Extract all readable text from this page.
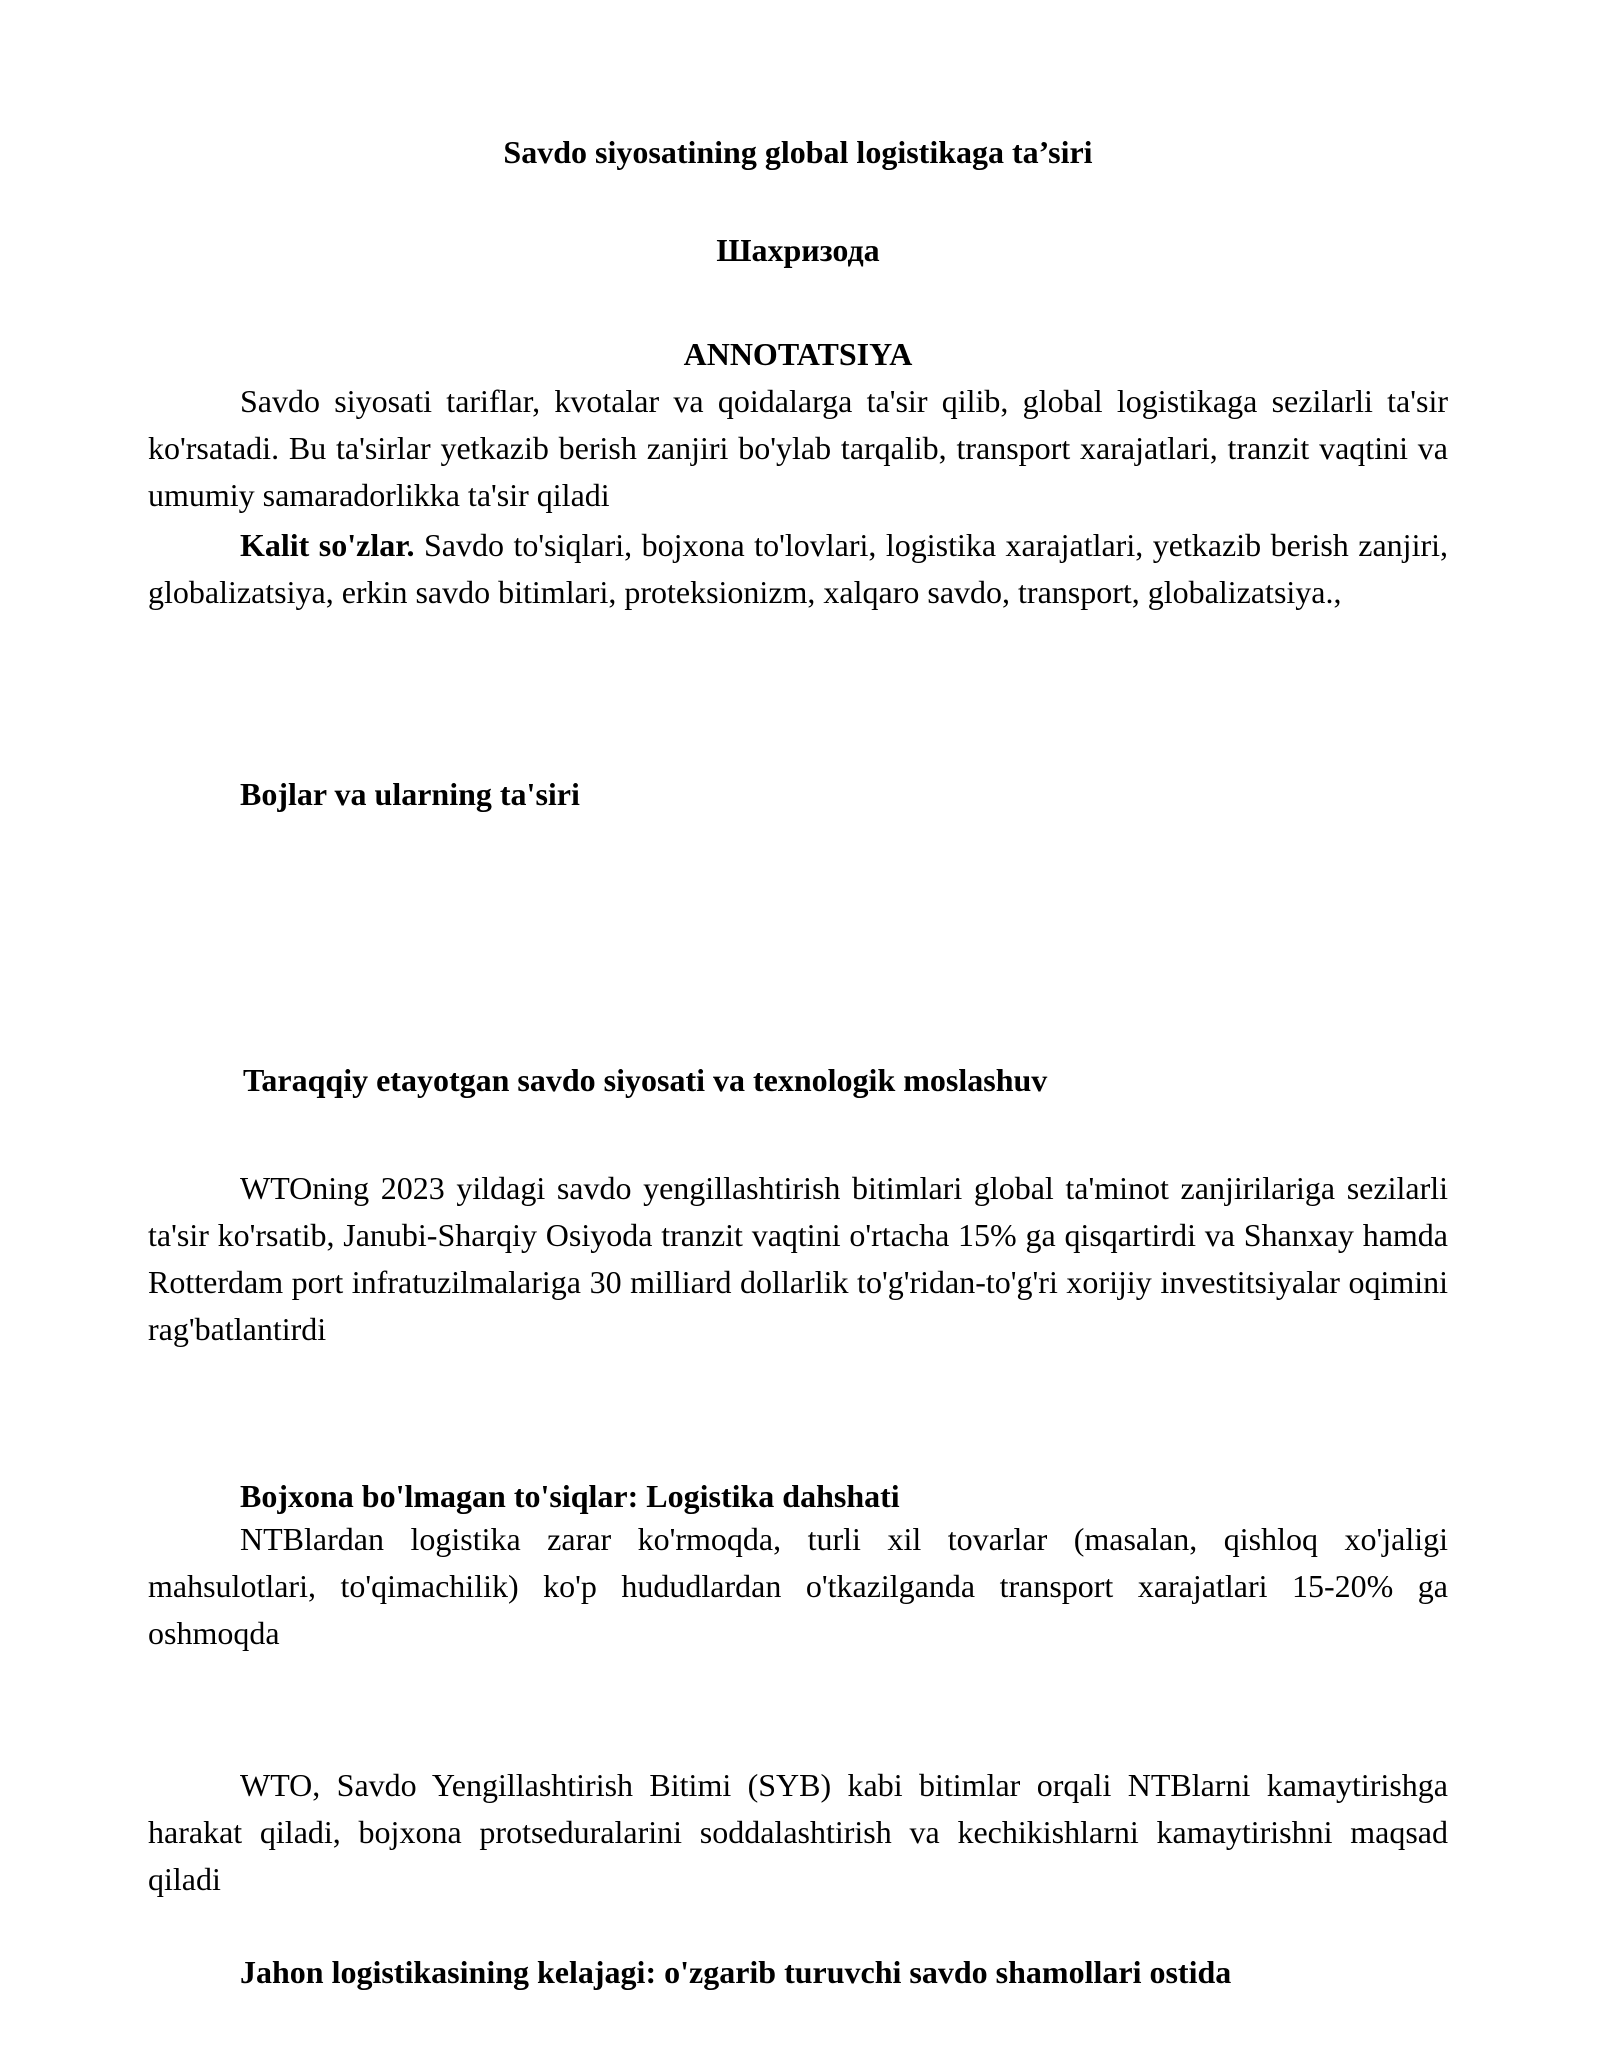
Savdo siyosatining global logistikaga ta’siri

Шахризода

ANNOTATSIYA

Savdo siyosati tariflar, kvotalar va qoidalarga ta'sir qilib, global logistikaga sezilarli ta'sir ko'rsatadi. Bu ta'sirlar yetkazib berish zanjiri bo'ylab tarqalib, transport xarajatlari, tranzit vaqtini va umumiy samaradorlikka ta'sir qiladi

Kalit so'zlar. Savdo to'siqlari, bojxona to'lovlari, logistika xarajatlari, yetkazib berish zanjiri, globalizatsiya, erkin savdo bitimlari, proteksionizm, xalqaro savdo, transport, globalizatsiya.,

Bojlar va ularning ta'siri

Taraqqiy etayotgan savdo siyosati va texnologik moslashuv

WTOning 2023 yildagi savdo yengillashtirish bitimlari global ta'minot zanjirilariga sezilarli ta'sir ko'rsatib, Janubi-Sharqiy Osiyoda tranzit vaqtini o'rtacha 15% ga qisqartirdi va Shanxay hamda Rotterdam port infratuzilmalariga 30 milliard dollarlik to'g'ridan-to'g'ri xorijiy investitsiyalar oqimini rag'batlantirdi

Bojxona bo'lmagan to'siqlar: Logistika dahshati

NTBlardan logistika zarar ko'rmoqda, turli xil tovarlar (masalan, qishloq xo'jaligi mahsulotlari, to'qimachilik) ko'p hududlardan o'tkazilganda transport xarajatlari 15-20% ga oshmoqda

WTO, Savdo Yengillashtirish Bitimi (SYB) kabi bitimlar orqali NTBlarni kamaytirishga harakat qiladi, bojxona protseduralarini soddalashtirish va kechikishlarni kamaytirishni maqsad qiladi

Jahon logistikasining kelajagi: o'zgarib turuvchi savdo shamollari ostida
